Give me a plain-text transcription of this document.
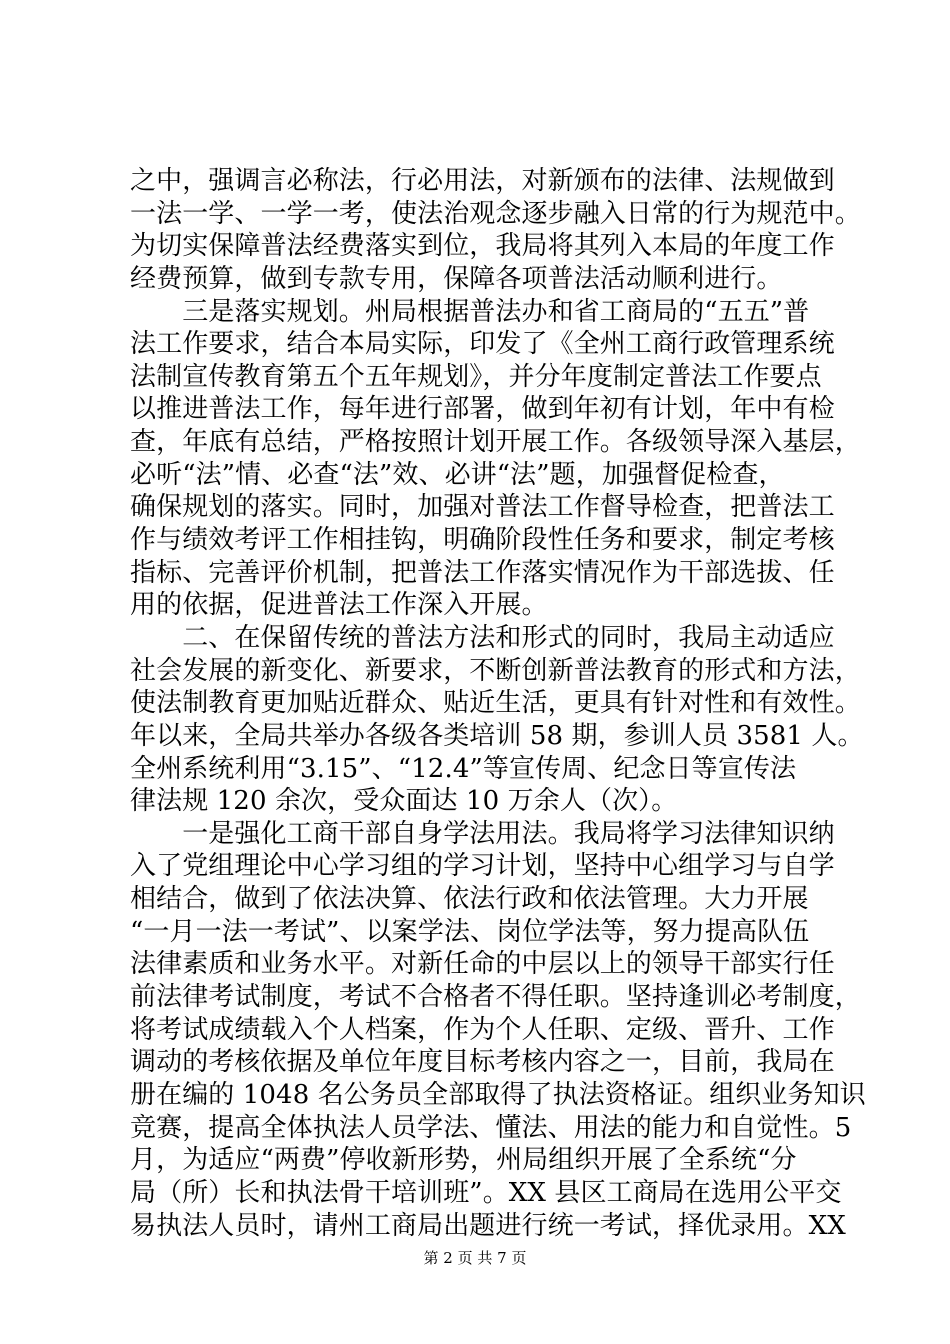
之中，强调言必称法，行必用法，对新颁布的法律、法规做到
一法一学、一学一考，使法治观念逐步融入日常的行为规范中。
为切实保障普法经费落实到位，我局将其列入本局的年度工作
经费预算，做到专款专用，保障各项普法活动顺利进行。
　　三是落实规划。州局根据普法办和省工商局的“五五”普
法工作要求，结合本局实际，印发了《全州工商行政管理系统
法制宣传教育第五个五年规划》，并分年度制定普法工作要点
以推进普法工作，每年进行部署，做到年初有计划，年中有检
查，年底有总结，严格按照计划开展工作。各级领导深入基层，
必听“法”情、必查“法”效、必讲“法”题，加强督促检查，
确保规划的落实。同时，加强对普法工作督导检查，把普法工
作与绩效考评工作相挂钩，明确阶段性任务和要求，制定考核
指标、完善评价机制，把普法工作落实情况作为干部选拔、任
用的依据，促进普法工作深入开展。
　　二、在保留传统的普法方法和形式的同时，我局主动适应
社会发展的新变化、新要求，不断创新普法教育的形式和方法，
使法制教育更加贴近群众、贴近生活，更具有针对性和有效性。
年以来，全局共举办各级各类培训 58 期，参训人员 3581 人。
全州系统利用“3.15”、“12.4”等宣传周、纪念日等宣传法
律法规 120 余次，受众面达 10 万余人（次）。
　　一是强化工商干部自身学法用法。我局将学习法律知识纳
入了党组理论中心学习组的学习计划，坚持中心组学习与自学
相结合，做到了依法决算、依法行政和依法管理。大力开展
“一月一法一考试”、以案学法、岗位学法等，努力提高队伍
法律素质和业务水平。对新任命的中层以上的领导干部实行任
前法律考试制度，考试不合格者不得任职。坚持逢训必考制度，
将考试成绩载入个人档案，作为个人任职、定级、晋升、工作
调动的考核依据及单位年度目标考核内容之一，目前，我局在
册在编的 1048 名公务员全部取得了执法资格证。组织业务知识
竞赛，提高全体执法人员学法、懂法、用法的能力和自觉性。5
月，为适应“两费”停收新形势，州局组织开展了全系统“分
局（所）长和执法骨干培训班”。XX 县区工商局在选用公平交
易执法人员时，请州工商局出题进行统一考试，择优录用。XX
第 2 页 共 7 页
